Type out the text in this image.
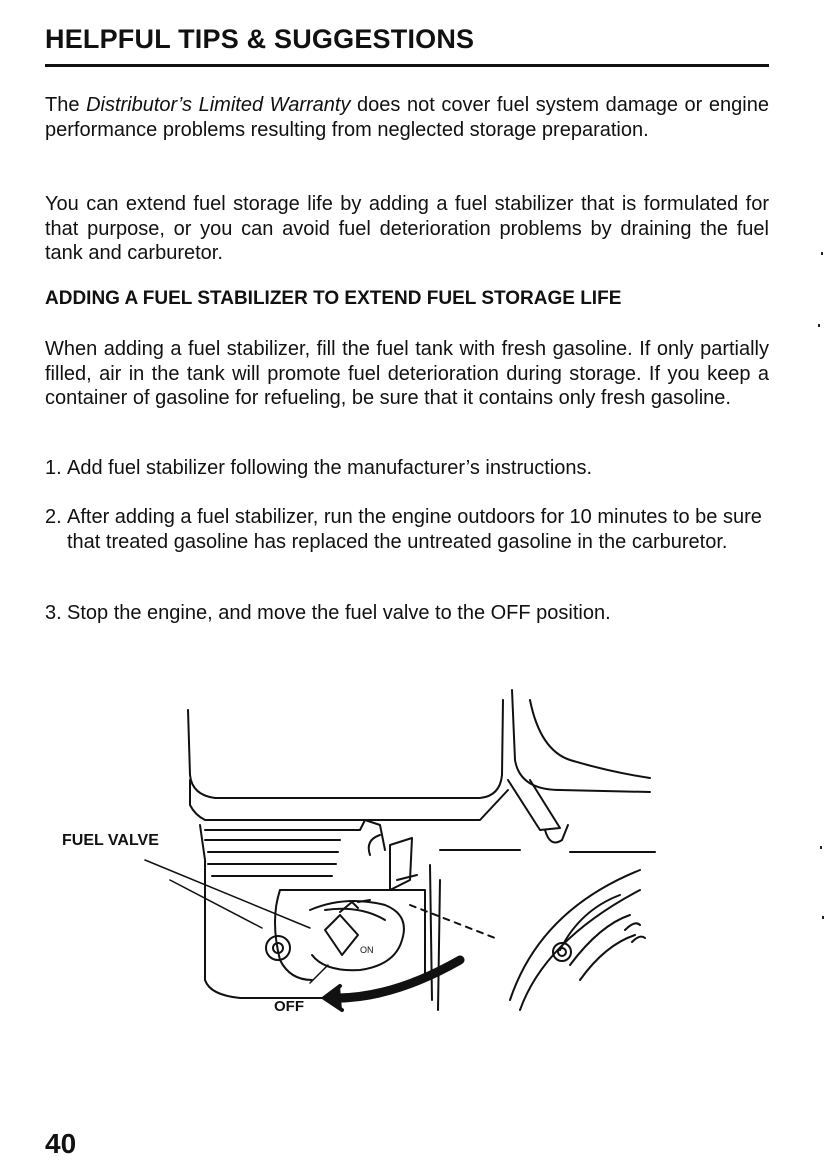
HELPFUL TIPS & SUGGESTIONS

The Distributor’s Limited Warranty does not cover fuel system damage or engine performance problems resulting from neglected storage preparation.

You can extend fuel storage life by adding a fuel stabilizer that is formulated for that purpose, or you can avoid fuel deterioration problems by draining the fuel tank and carburetor.

ADDING A FUEL STABILIZER TO EXTEND FUEL STORAGE LIFE

When adding a fuel stabilizer, fill the fuel tank with fresh gasoline. If only partially filled, air in the tank will promote fuel deterioration during storage. If you keep a container of gasoline for refueling, be sure that it contains only fresh gasoline.

1. Add fuel stabilizer following the manufacturer’s instructions.
2. After adding a fuel stabilizer, run the engine outdoors for 10 minutes to be sure that treated gasoline has replaced the untreated gasoline in the carburetor.
3. Stop the engine, and move the fuel valve to the OFF position.
FUEL VALVE
OFF
ON
40
